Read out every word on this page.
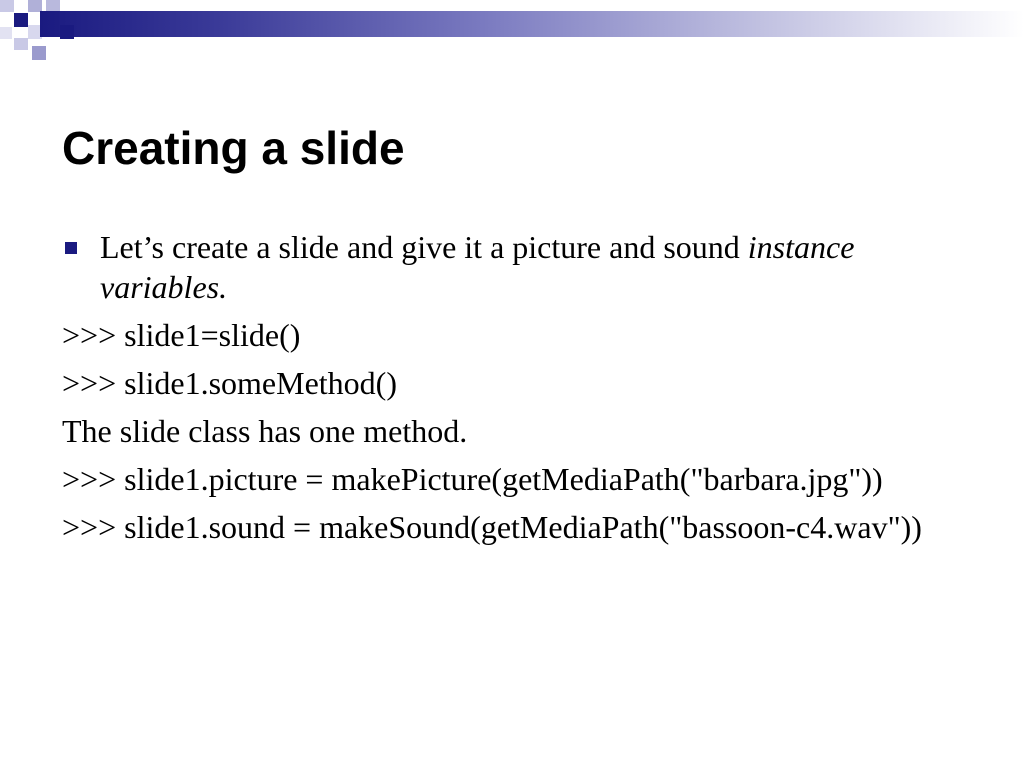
Creating a slide
Let’s create a slide and give it a picture and sound instance variables.

>>> slide1=slide()

>>> slide1.someMethod()

The slide class has one method.

>>> slide1.picture = makePicture(getMediaPath("barbara.jpg"))

>>> slide1.sound = makeSound(getMediaPath("bassoon-c4.wav"))
